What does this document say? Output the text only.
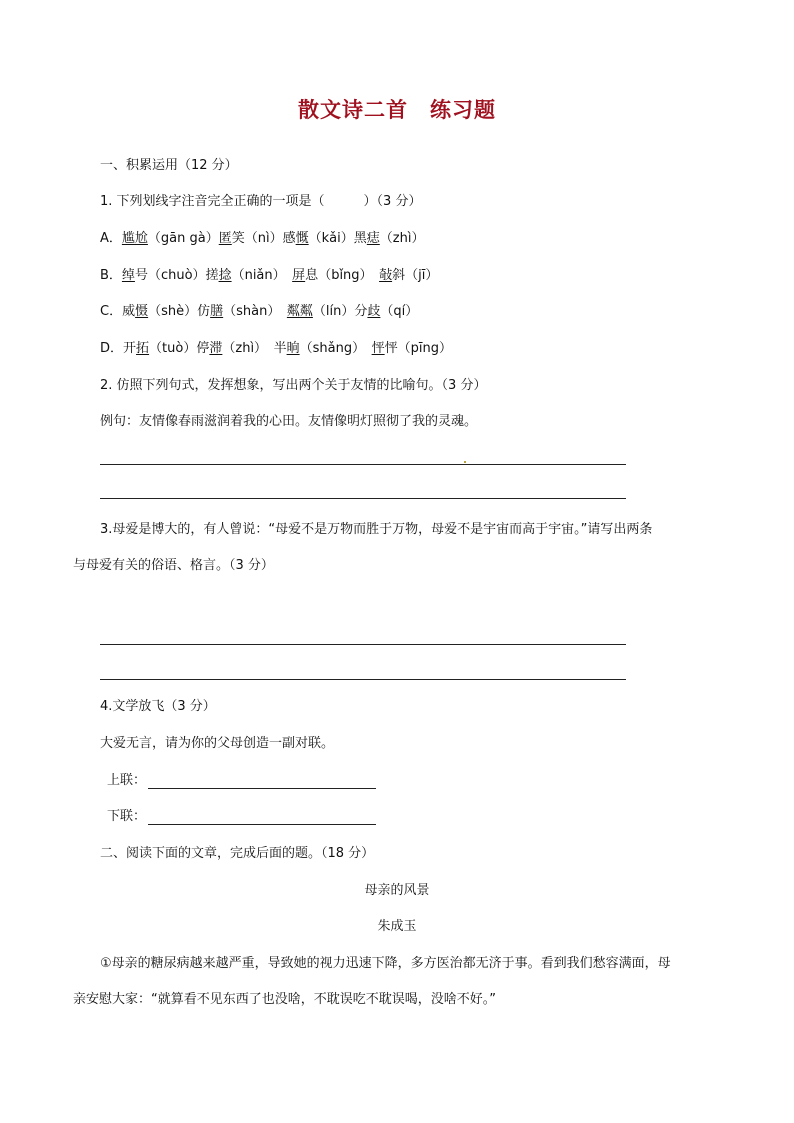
散文诗二首　练习题
一、积累运用（12 分）
1. 下列划线字注音完全正确的一项是（　　　）（3 分）
A．尴尬（gān gà）匿笑（nì）感慨（kǎi）黑痣（zhì）
B．绰号（chuò）搓捻（niǎn）　 屏息（bǐng）　 敧斜（jī）
C．威慑（shè）仿膳（shàn）　 粼粼（lín）分歧（qí）
D．开拓（tuò）停滞（zhì）　 半晌（shǎng）　 怦怦（pīng）
2. 仿照下列句式，发挥想象，写出两个关于友情的比喻句。（3 分）
例句：友情像春雨滋润着我的心田。友情像明灯照彻了我的灵魂。
3.母爱是博大的，有人曾说：“母爱不是万物而胜于万物，母爱不是宇宙而高于宇宙。”请写出两条
与母爱有关的俗语、格言。（3 分）
4.文学放飞（3 分）
大爱无言，请为你的父母创造一副对联。
上联：
下联：
二、阅读下面的文章，完成后面的题。（18 分）
母亲的风景
朱成玉
①母亲的糖尿病越来越严重，导致她的视力迅速下降，多方医治都无济于事。看到我们愁容满面，母
亲安慰大家：“就算看不见东西了也没啥，不耽误吃不耽误喝，没啥不好。”
